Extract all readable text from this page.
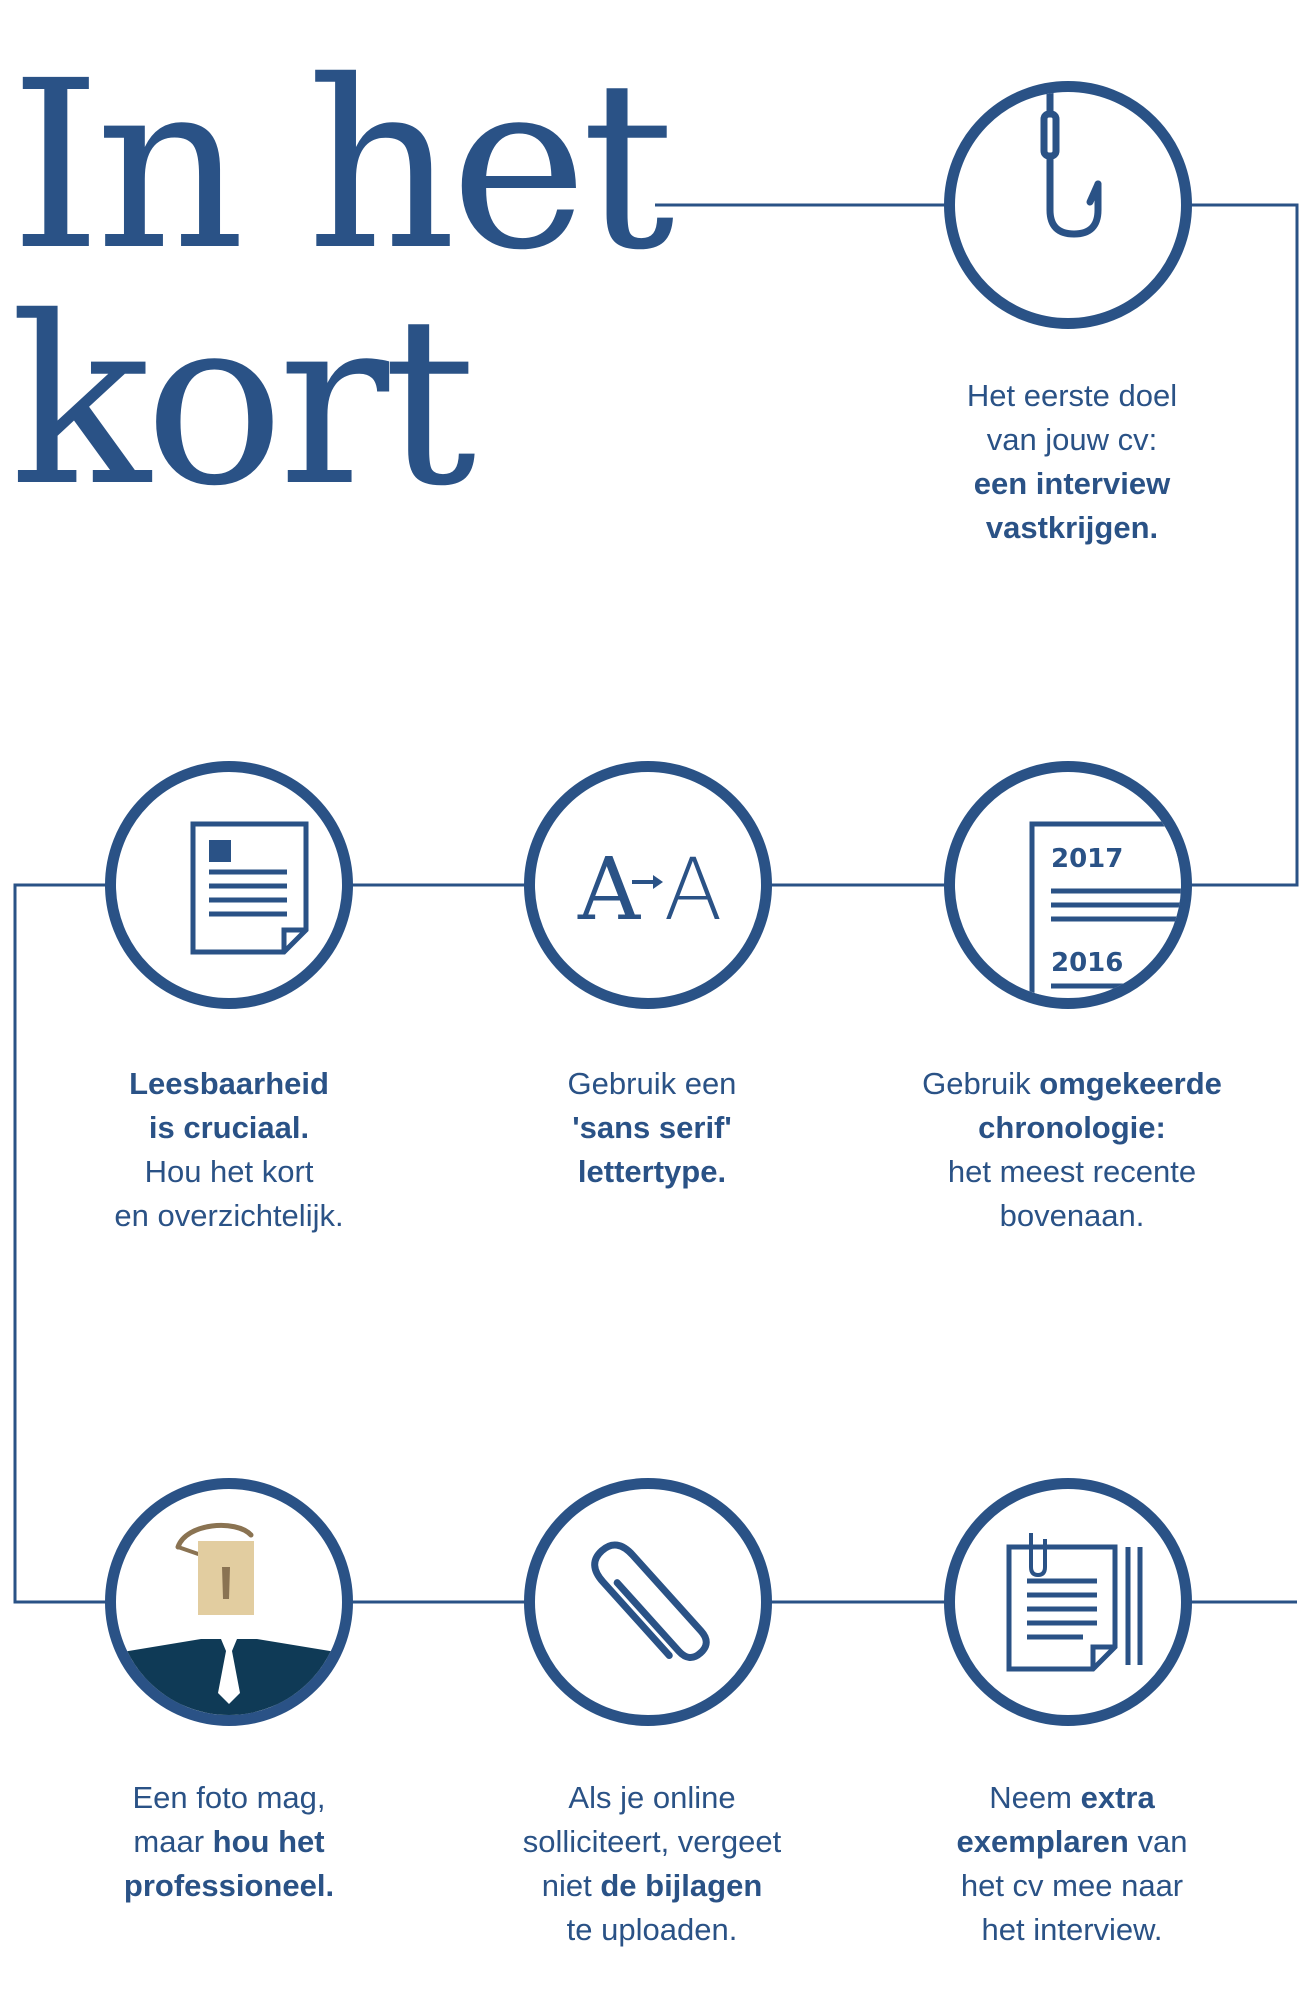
In het
kort	Het eerste doel
van jouw cv:
een interview
vastkrijgen.
Leesbaarheid
is cruciaal.
Hou het kort
en overzichtelijk.
A A
Gebruik een
'sans serif'
lettertype.
2017
2016
Gebruik omgekeerde
chronologie:
het meest recente
bovenaan.
Een foto mag,
maar hou het
professioneel.
Als je online
solliciteert, vergeet
niet de bijlagen
te uploaden.
Neem extra
exemplaren van
het cv mee naar
het interview.
